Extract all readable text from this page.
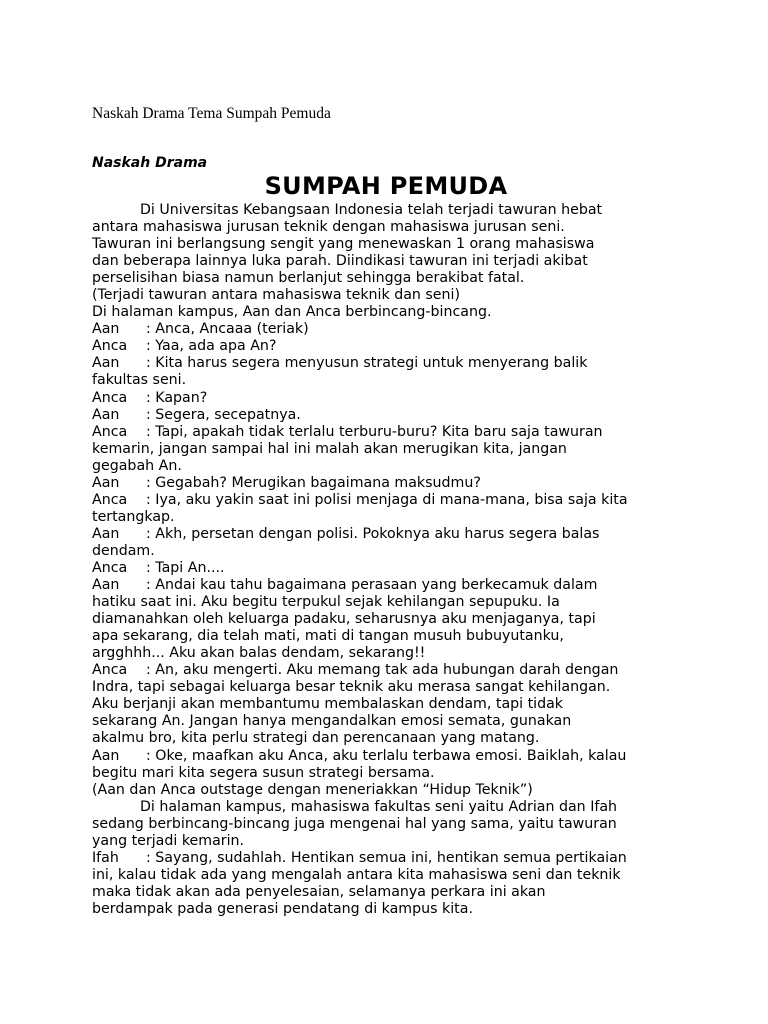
Naskah Drama Tema Sumpah Pemuda
Naskah Drama
SUMPAH PEMUDA
Di Universitas Kebangsaan Indonesia telah terjadi tawuran hebat
antara mahasiswa jurusan teknik dengan mahasiswa jurusan seni.
Tawuran ini berlangsung sengit yang menewaskan 1 orang mahasiswa
dan beberapa lainnya luka parah. Diindikasi tawuran ini terjadi akibat
perselisihan biasa namun berlanjut sehingga berakibat fatal.
(Terjadi tawuran antara mahasiswa teknik dan seni)
Di halaman kampus, Aan dan Anca berbincang-bincang.
Aan : Anca, Ancaaa (teriak)
Anca : Yaa, ada apa An?
Aan : Kita harus segera menyusun strategi untuk menyerang balik
fakultas seni.
Anca : Kapan?
Aan : Segera, secepatnya.
Anca : Tapi, apakah tidak terlalu terburu-buru? Kita baru saja tawuran
kemarin, jangan sampai hal ini malah akan merugikan kita, jangan
gegabah An.
Aan : Gegabah? Merugikan bagaimana maksudmu?
Anca : Iya, aku yakin saat ini polisi menjaga di mana-mana, bisa saja kita
tertangkap.
Aan : Akh, persetan dengan polisi. Pokoknya aku harus segera balas
dendam.
Anca : Tapi An....
Aan : Andai kau tahu bagaimana perasaan yang berkecamuk dalam
hatiku saat ini. Aku begitu terpukul sejak kehilangan sepupuku. Ia
diamanahkan oleh keluarga padaku, seharusnya aku menjaganya, tapi
apa sekarang, dia telah mati, mati di tangan musuh bubuyutanku,
argghhh... Aku akan balas dendam, sekarang!!
Anca : An, aku mengerti. Aku memang tak ada hubungan darah dengan
Indra, tapi sebagai keluarga besar teknik aku merasa sangat kehilangan.
Aku berjanji akan membantumu membalaskan dendam, tapi tidak
sekarang An. Jangan hanya mengandalkan emosi semata, gunakan
akalmu bro, kita perlu strategi dan perencanaan yang matang.
Aan : Oke, maafkan aku Anca, aku terlalu terbawa emosi. Baiklah, kalau
begitu mari kita segera susun strategi bersama.
(Aan dan Anca outstage dengan meneriakkan “Hidup Teknik”)
Di halaman kampus, mahasiswa fakultas seni yaitu Adrian dan Ifah
sedang berbincang-bincang juga mengenai hal yang sama, yaitu tawuran
yang terjadi kemarin.
Ifah : Sayang, sudahlah. Hentikan semua ini, hentikan semua pertikaian
ini, kalau tidak ada yang mengalah antara kita mahasiswa seni dan teknik
maka tidak akan ada penyelesaian, selamanya perkara ini akan
berdampak pada generasi pendatang di kampus kita.
